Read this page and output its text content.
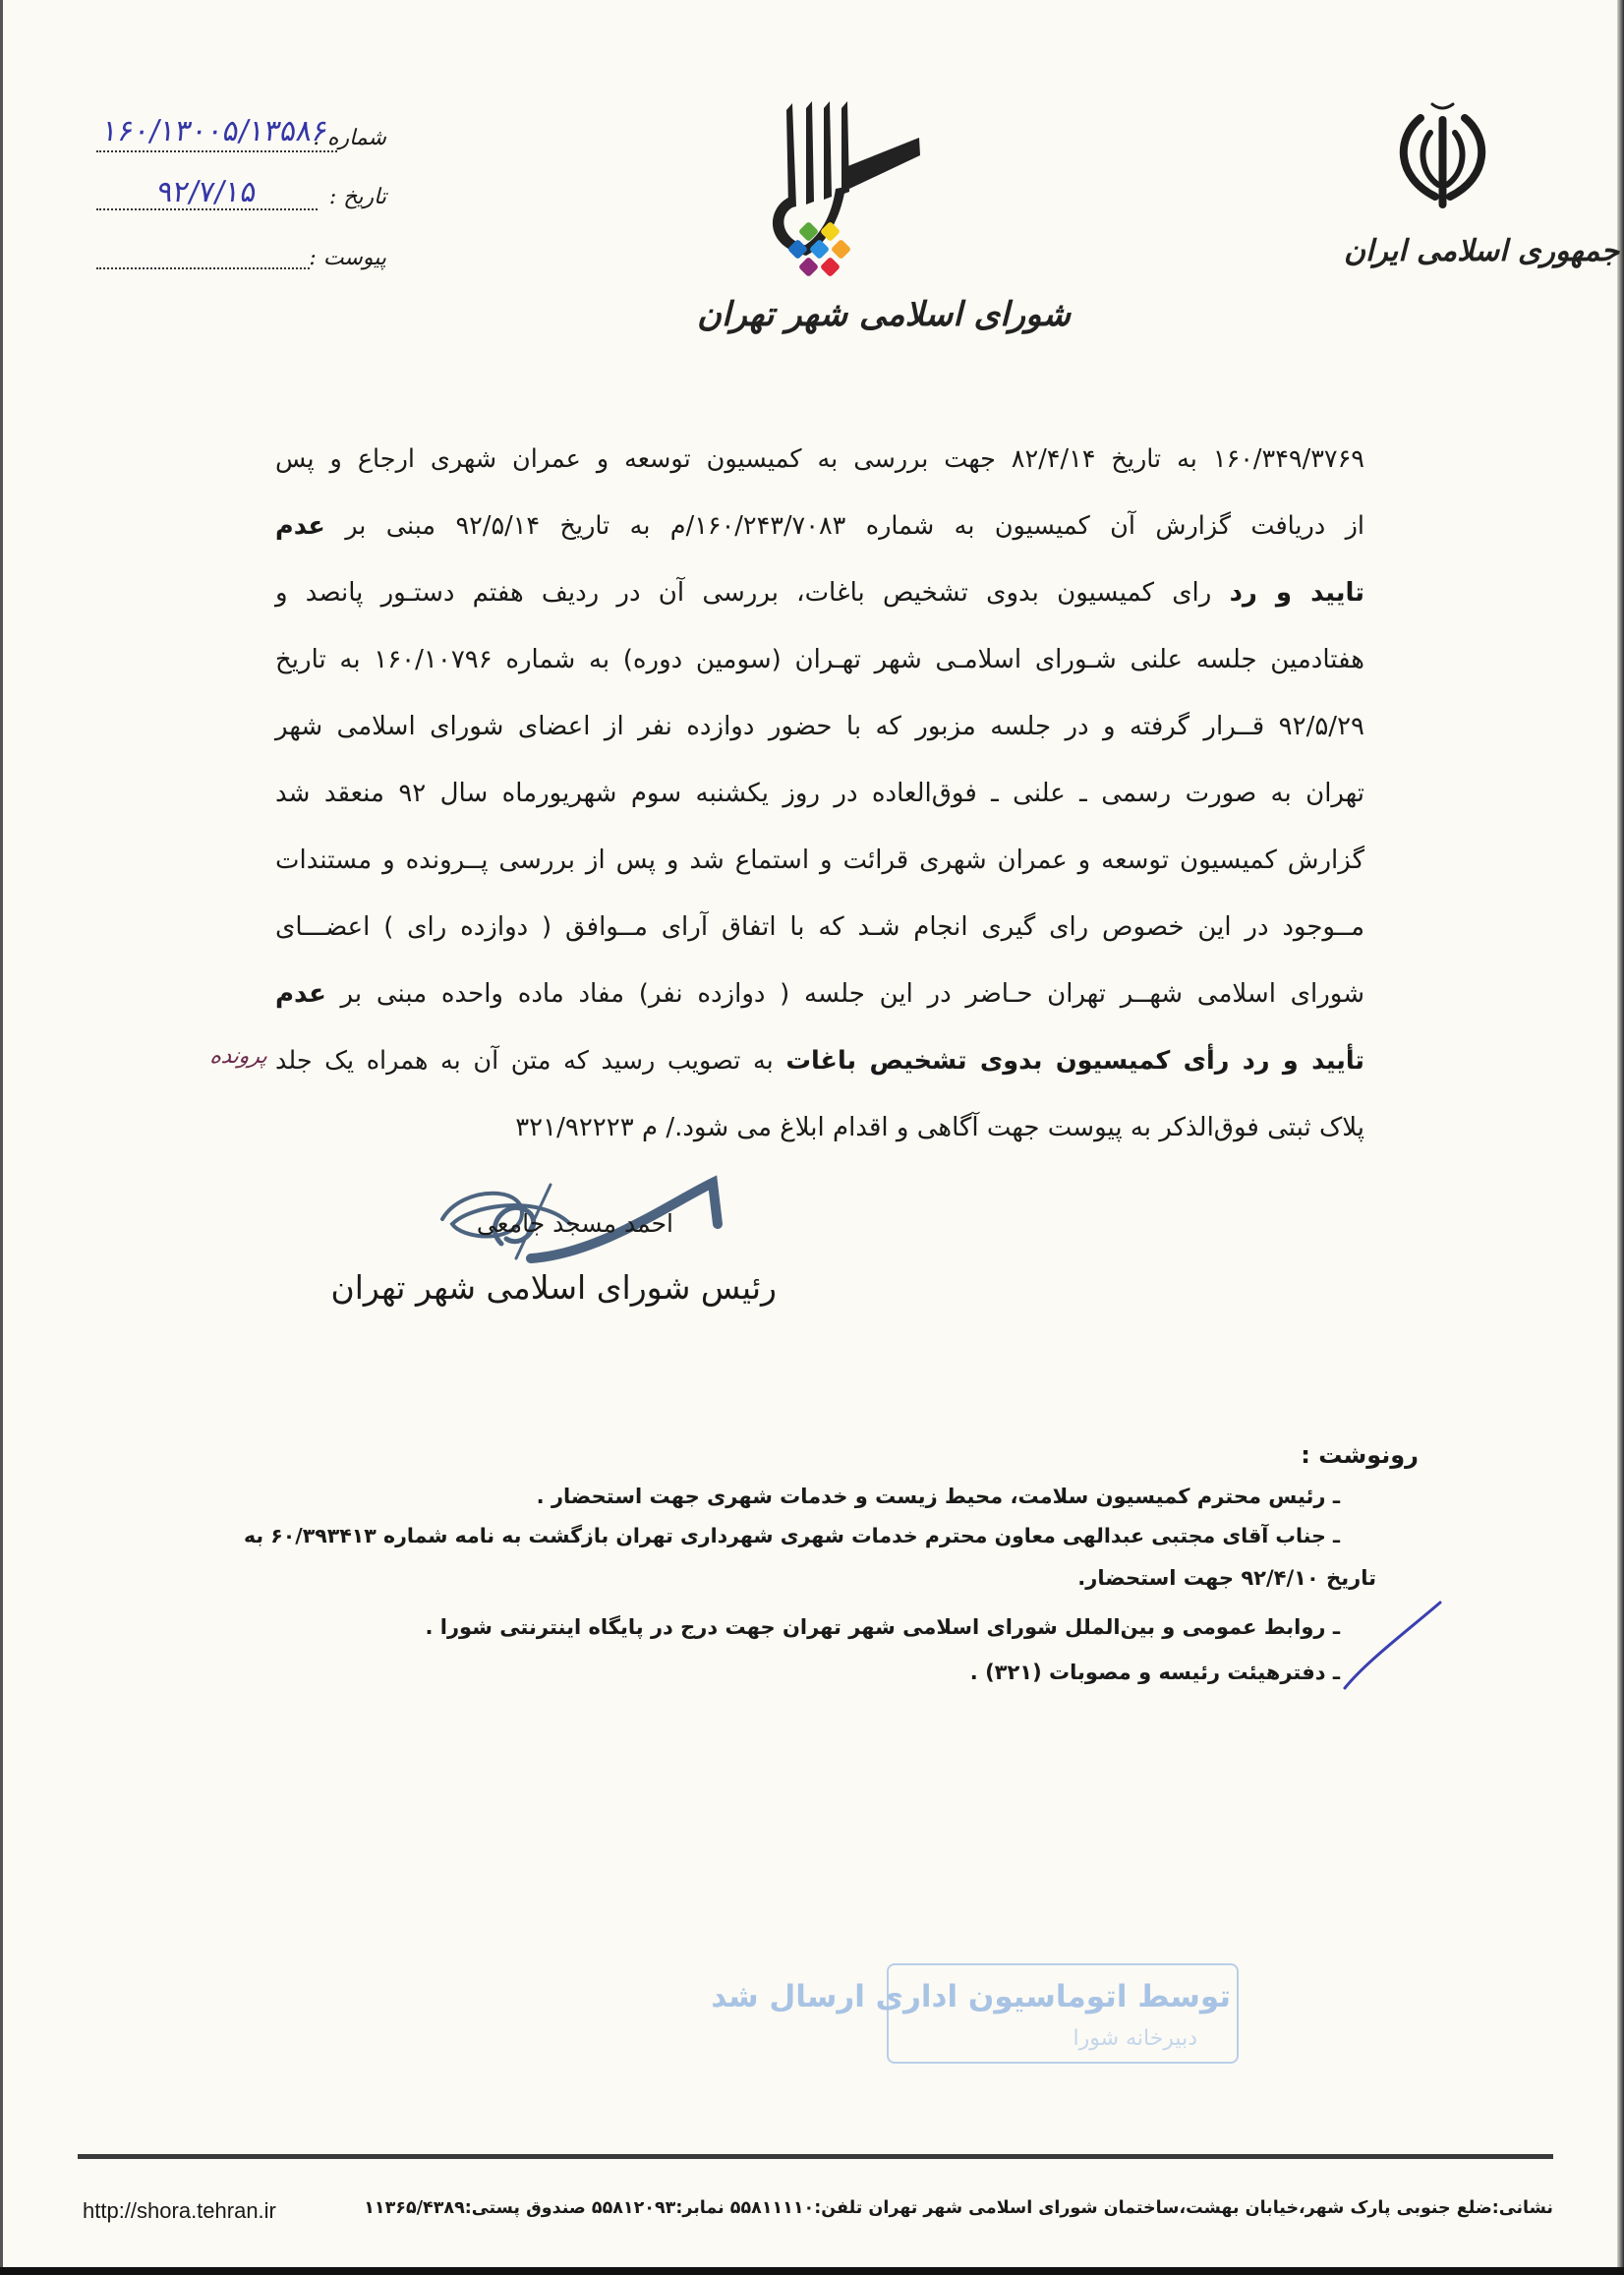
شماره :
۱۶۰/۱۳۰۰۵/۱۳۵۸۶
تاریخ :
۹۲/۷/۱۵
پیوست :
شورای اسلامی شهر تهران
جمهوری اسلامی ایران
۱۶۰/۳۴۹/۳۷۶۹ به تاریخ ۸۲/۴/۱۴ جهت بررسی به کمیسیون توسعه و عمران شهری ارجاع و پس
از دریافت گزارش آن کمیسیون به شماره ۱۶۰/۲۴۳/۷۰۸۳/م به تاریخ ۹۲/۵/۱۴ مبنی بر عدم
تایید و رد رای کمیسیون بدوی تشخیص باغات، بررسی آن در ردیف هفتم دستـور پانصد و
هفتادمین جلسه علنی شـورای اسلامـی شهر تهـران (سومین دوره) به شماره ۱۶۰/۱۰۷۹۶ به تاریخ
۹۲/۵/۲۹ قــرار گرفته و در جلسه مزبور که با حضور دوازده نفر از اعضای شورای اسلامی شهر
تهران به صورت رسمی ـ علنی ـ فوق‌العاده در روز یکشنبه سوم شهریورماه سال ۹۲ منعقد شد
گزارش کمیسیون توسعه و عمران شهری قرائت و استماع شد و پس از بررسی پــرونده و مستندات
مــوجود در این خصوص رای گیری انجام شـد که با اتفاق آرای مــوافق ( دوازده رای ) اعضـــای
شورای اسلامی شهــر تهران حـاضر در این جلسه ( دوازده نفر) مفاد ماده واحده مبنی بر عدم
تأیید و رد رأی کمیسیون بدوی تشخیص باغات به تصویب رسید که متن آن به همراه یک جلد
پلاک ثبتی فوق‌الذکر به پیوست جهت آگاهی و اقدام ابلاغ می شود./ م ۳۲۱/۹۲۲۲۳
پرونده
احمد مسجد جامعی
رئیس شورای اسلامی شهر تهران
رونوشت :
ـ رئیس محترم کمیسیون سلامت، محیط زیست و خدمات شهری جهت استحضار .
ـ جناب آقای مجتبی عبدالهی معاون محترم خدمات شهری شهرداری تهران بازگشت به نامه شماره ۶۰/۳۹۳۴۱۳ به
تاریخ ۹۲/۴/۱۰ جهت استحضار.
ـ روابط عمومی و بین‌الملل شورای اسلامی شهر تهران جهت درج در پایگاه اینترنتی شورا .
ـ دفترهیئت رئیسه و مصوبات (۳۲۱) .
توسط اتوماسیون اداری ارسال شد
دبیرخانه شورا
نشانی:ضلع جنوبی پارک شهر،خیابان بهشت،ساختمان شورای اسلامی شهر تهران تلفن:۵۵۸۱۱۱۱۰ نمابر:۵۵۸۱۲۰۹۳ صندوق پستی:۱۱۳۶۵/۴۳۸۹
http://shora.tehran.ir
